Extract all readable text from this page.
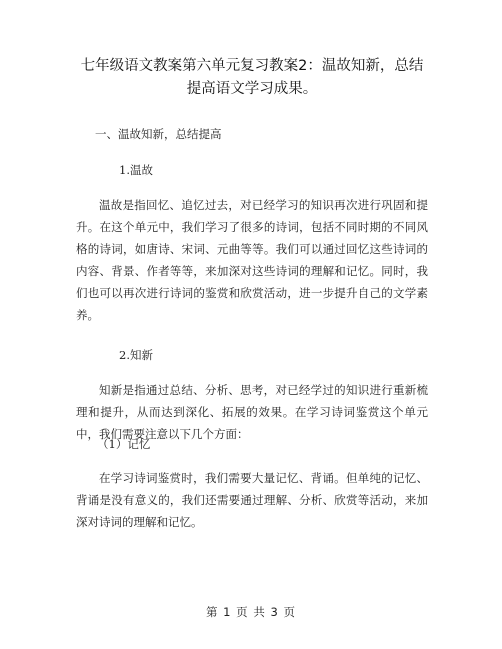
七年级语文教案第六单元复习教案2：温故知新，总结提高语文学习成果。
一、温故知新，总结提高
1.温故

温故是指回忆、追忆过去，对已经学习的知识再次进行巩固和提升。在这个单元中，我们学习了很多的诗词，包括不同时期的不同风格的诗词，如唐诗、宋词、元曲等等。我们可以通过回忆这些诗词的内容、背景、作者等等，来加深对这些诗词的理解和记忆。同时，我们也可以再次进行诗词的鉴赏和欣赏活动，进一步提升自己的文学素养。

2.知新

知新是指通过总结、分析、思考，对已经学过的知识进行重新梳理和提升，从而达到深化、拓展的效果。在学习诗词鉴赏这个单元中，我们需要注意以下几个方面：

（1）记忆

在学习诗词鉴赏时，我们需要大量记忆、背诵。但单纯的记忆、背诵是没有意义的，我们还需要通过理解、分析、欣赏等活动，来加深对诗词的理解和记忆。

第 1 页 共 3 页
